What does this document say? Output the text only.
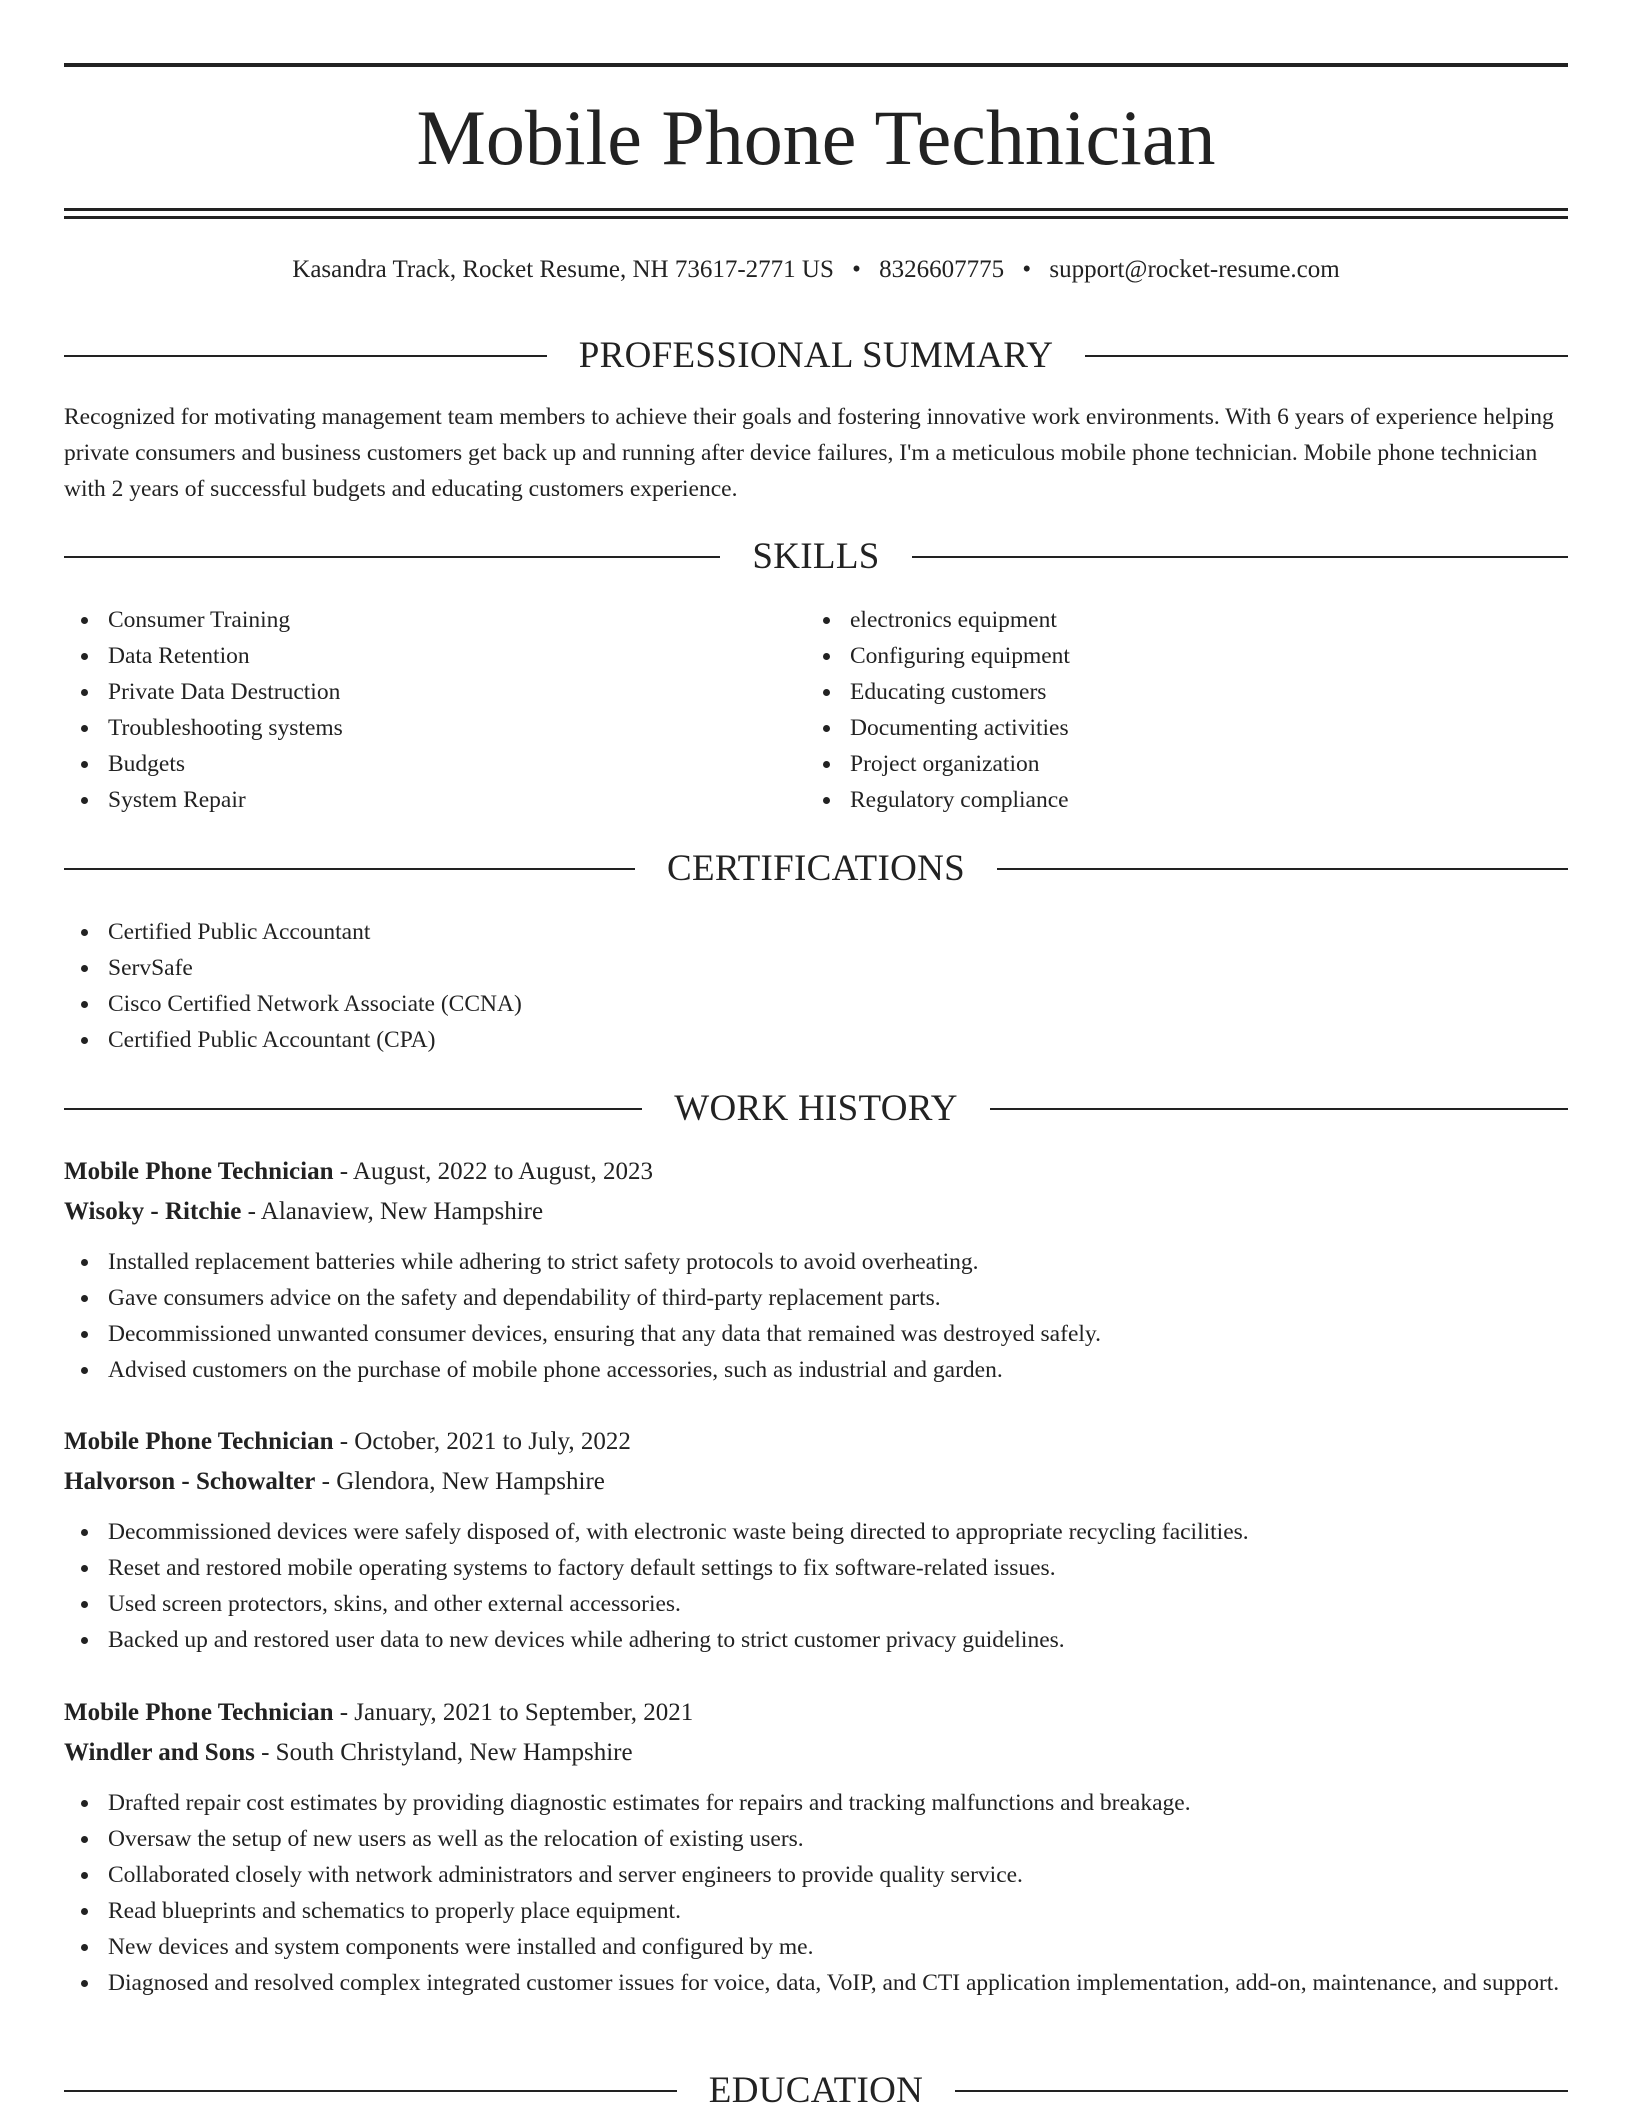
Mobile Phone Technician
Kasandra Track, Rocket Resume, NH 73617-2771 US • 8326607775 • support@rocket-resume.com
PROFESSIONAL SUMMARY

Recognized for motivating management team members to achieve their goals and fostering innovative work environments. With 6 years of experience helping private consumers and business customers get back up and running after device failures, I'm a meticulous mobile phone technician. Mobile phone technician with 2 years of successful budgets and educating customers experience.

SKILLS
Consumer Training
Data Retention
Private Data Destruction
Troubleshooting systems
Budgets
System Repair
electronics equipment
Configuring equipment
Educating customers
Documenting activities
Project organization
Regulatory compliance
CERTIFICATIONS
Certified Public Accountant
ServSafe
Cisco Certified Network Associate (CCNA)
Certified Public Accountant (CPA)
WORK HISTORY
Mobile Phone Technician - August, 2022 to August, 2023
Wisoky - Ritchie - Alanaview, New Hampshire
Installed replacement batteries while adhering to strict safety protocols to avoid overheating.
Gave consumers advice on the safety and dependability of third-party replacement parts.
Decommissioned unwanted consumer devices, ensuring that any data that remained was destroyed safely.
Advised customers on the purchase of mobile phone accessories, such as industrial and garden.
Mobile Phone Technician - October, 2021 to July, 2022
Halvorson - Schowalter - Glendora, New Hampshire
Decommissioned devices were safely disposed of, with electronic waste being directed to appropriate recycling facilities.
Reset and restored mobile operating systems to factory default settings to fix software-related issues.
Used screen protectors, skins, and other external accessories.
Backed up and restored user data to new devices while adhering to strict customer privacy guidelines.
Mobile Phone Technician - January, 2021 to September, 2021
Windler and Sons - South Christyland, New Hampshire
Drafted repair cost estimates by providing diagnostic estimates for repairs and tracking malfunctions and breakage.
Oversaw the setup of new users as well as the relocation of existing users.
Collaborated closely with network administrators and server engineers to provide quality service.
Read blueprints and schematics to properly place equipment.
New devices and system components were installed and configured by me.
Diagnosed and resolved complex integrated customer issues for voice, data, VoIP, and CTI application implementation, add-on, maintenance, and support.
EDUCATION
